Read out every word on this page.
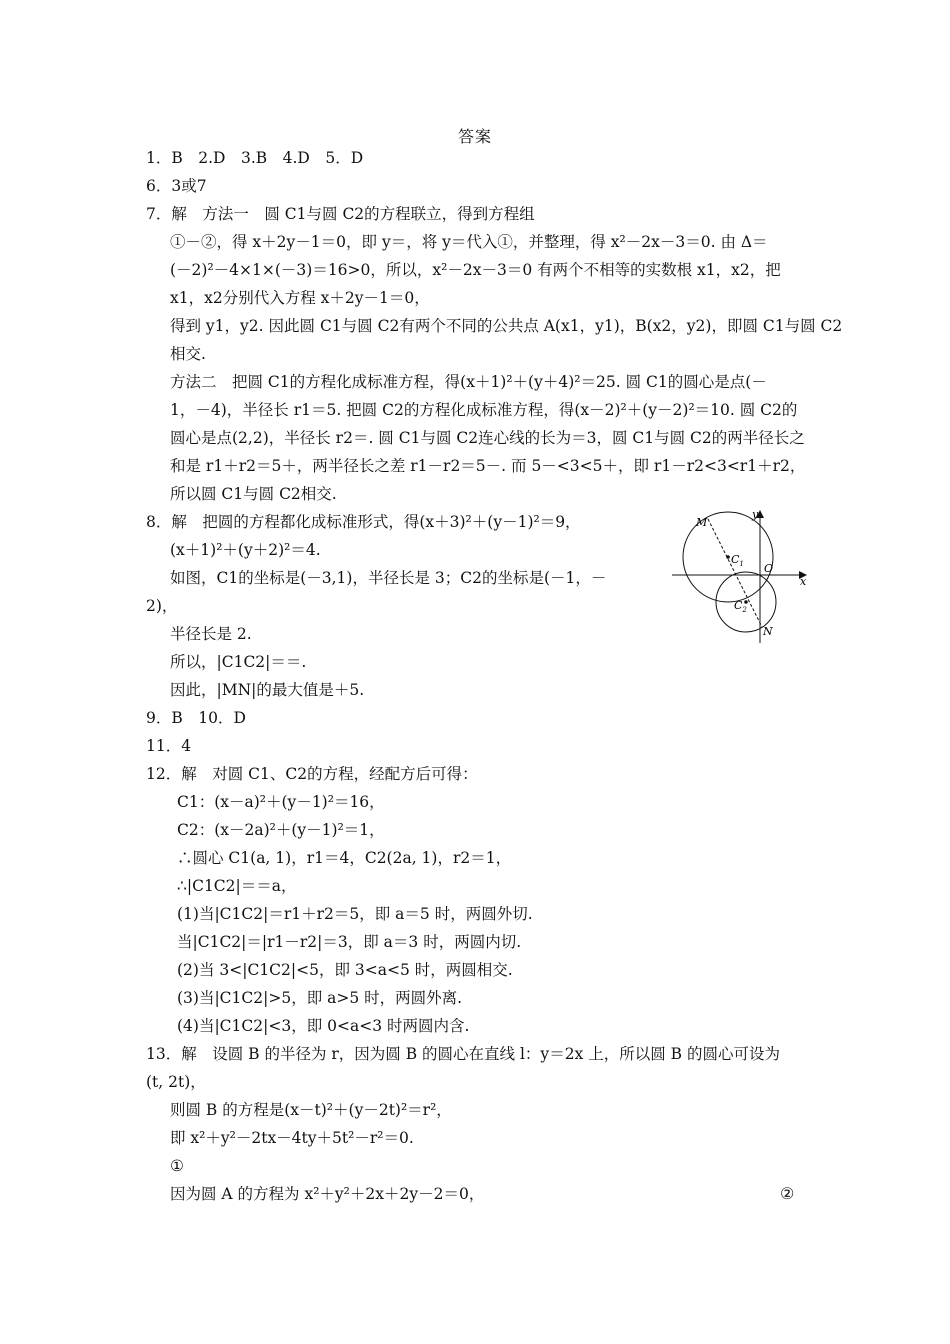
答案
1．B　2.D　3.B　4.D　5．D
6．3或7
7．解　方法一　圆 C1与圆 C2的方程联立，得到方程组
①－②，得 x＋2y－1＝0，即 y＝，将 y＝代入①，并整理，得 x²－2x－3＝0. 由 Δ＝
(－2)²－4×1×(－3)＝16>0，所以，x²－2x－3＝0 有两个不相等的实数根 x1，x2，把
x1，x2分别代入方程 x＋2y－1＝0，
得到 y1，y2. 因此圆 C1与圆 C2有两个不同的公共点 A(x1，y1)，B(x2，y2)，即圆 C1与圆 C2
相交.
方法二　把圆 C1的方程化成标准方程，得(x＋1)²＋(y＋4)²＝25. 圆 C1的圆心是点(－
1，－4)，半径长 r1＝5. 把圆 C2的方程化成标准方程，得(x－2)²＋(y－2)²＝10. 圆 C2的
圆心是点(2,2)，半径长 r2＝. 圆 C1与圆 C2连心线的长为＝3，圆 C1与圆 C2的两半径长之
和是 r1＋r2＝5＋，两半径长之差 r1－r2＝5－. 而 5－<3<5＋，即 r1－r2<3<r1＋r2，
所以圆 C1与圆 C2相交.
8．解　把圆的方程都化成标准形式，得(x＋3)²＋(y－1)²＝9，
(x＋1)²＋(y＋2)²＝4.
如图，C1的坐标是(－3,1)，半径长是 3；C2的坐标是(－1，－
2)，
半径长是 2.
所以，|C1C2|＝＝.
因此，|MN|的最大值是＋5.
9．B　10．D
11．4
12．解　对圆 C1、C2的方程，经配方后可得：
C1：(x－a)²＋(y－1)²＝16，
C2：(x－2a)²＋(y－1)²＝1，
∴圆心 C1(a, 1)，r1＝4，C2(2a, 1)，r2＝1，
∴|C1C2|＝＝a，
(1)当|C1C2|＝r1＋r2＝5，即 a＝5 时，两圆外切.
当|C1C2|＝|r1－r2|＝3，即 a＝3 时，两圆内切.
(2)当 3<|C1C2|<5，即 3<a<5 时，两圆相交.
(3)当|C1C2|>5，即 a>5 时，两圆外离.
(4)当|C1C2|<3，即 0<a<3 时两圆内含.
13．解　设圆 B 的半径为 r，因为圆 B 的圆心在直线 l：y＝2x 上，所以圆 B 的圆心可设为
(t, 2t)，
则圆 B 的方程是(x－t)²＋(y－2t)²＝r²，
即 x²＋y²－2tx－4ty＋5t²－r²＝0.
①
因为圆 A 的方程为 x²＋y²＋2x＋2y－2＝0，	②
M
N
O
x
y
$C_1$
$C_2$
